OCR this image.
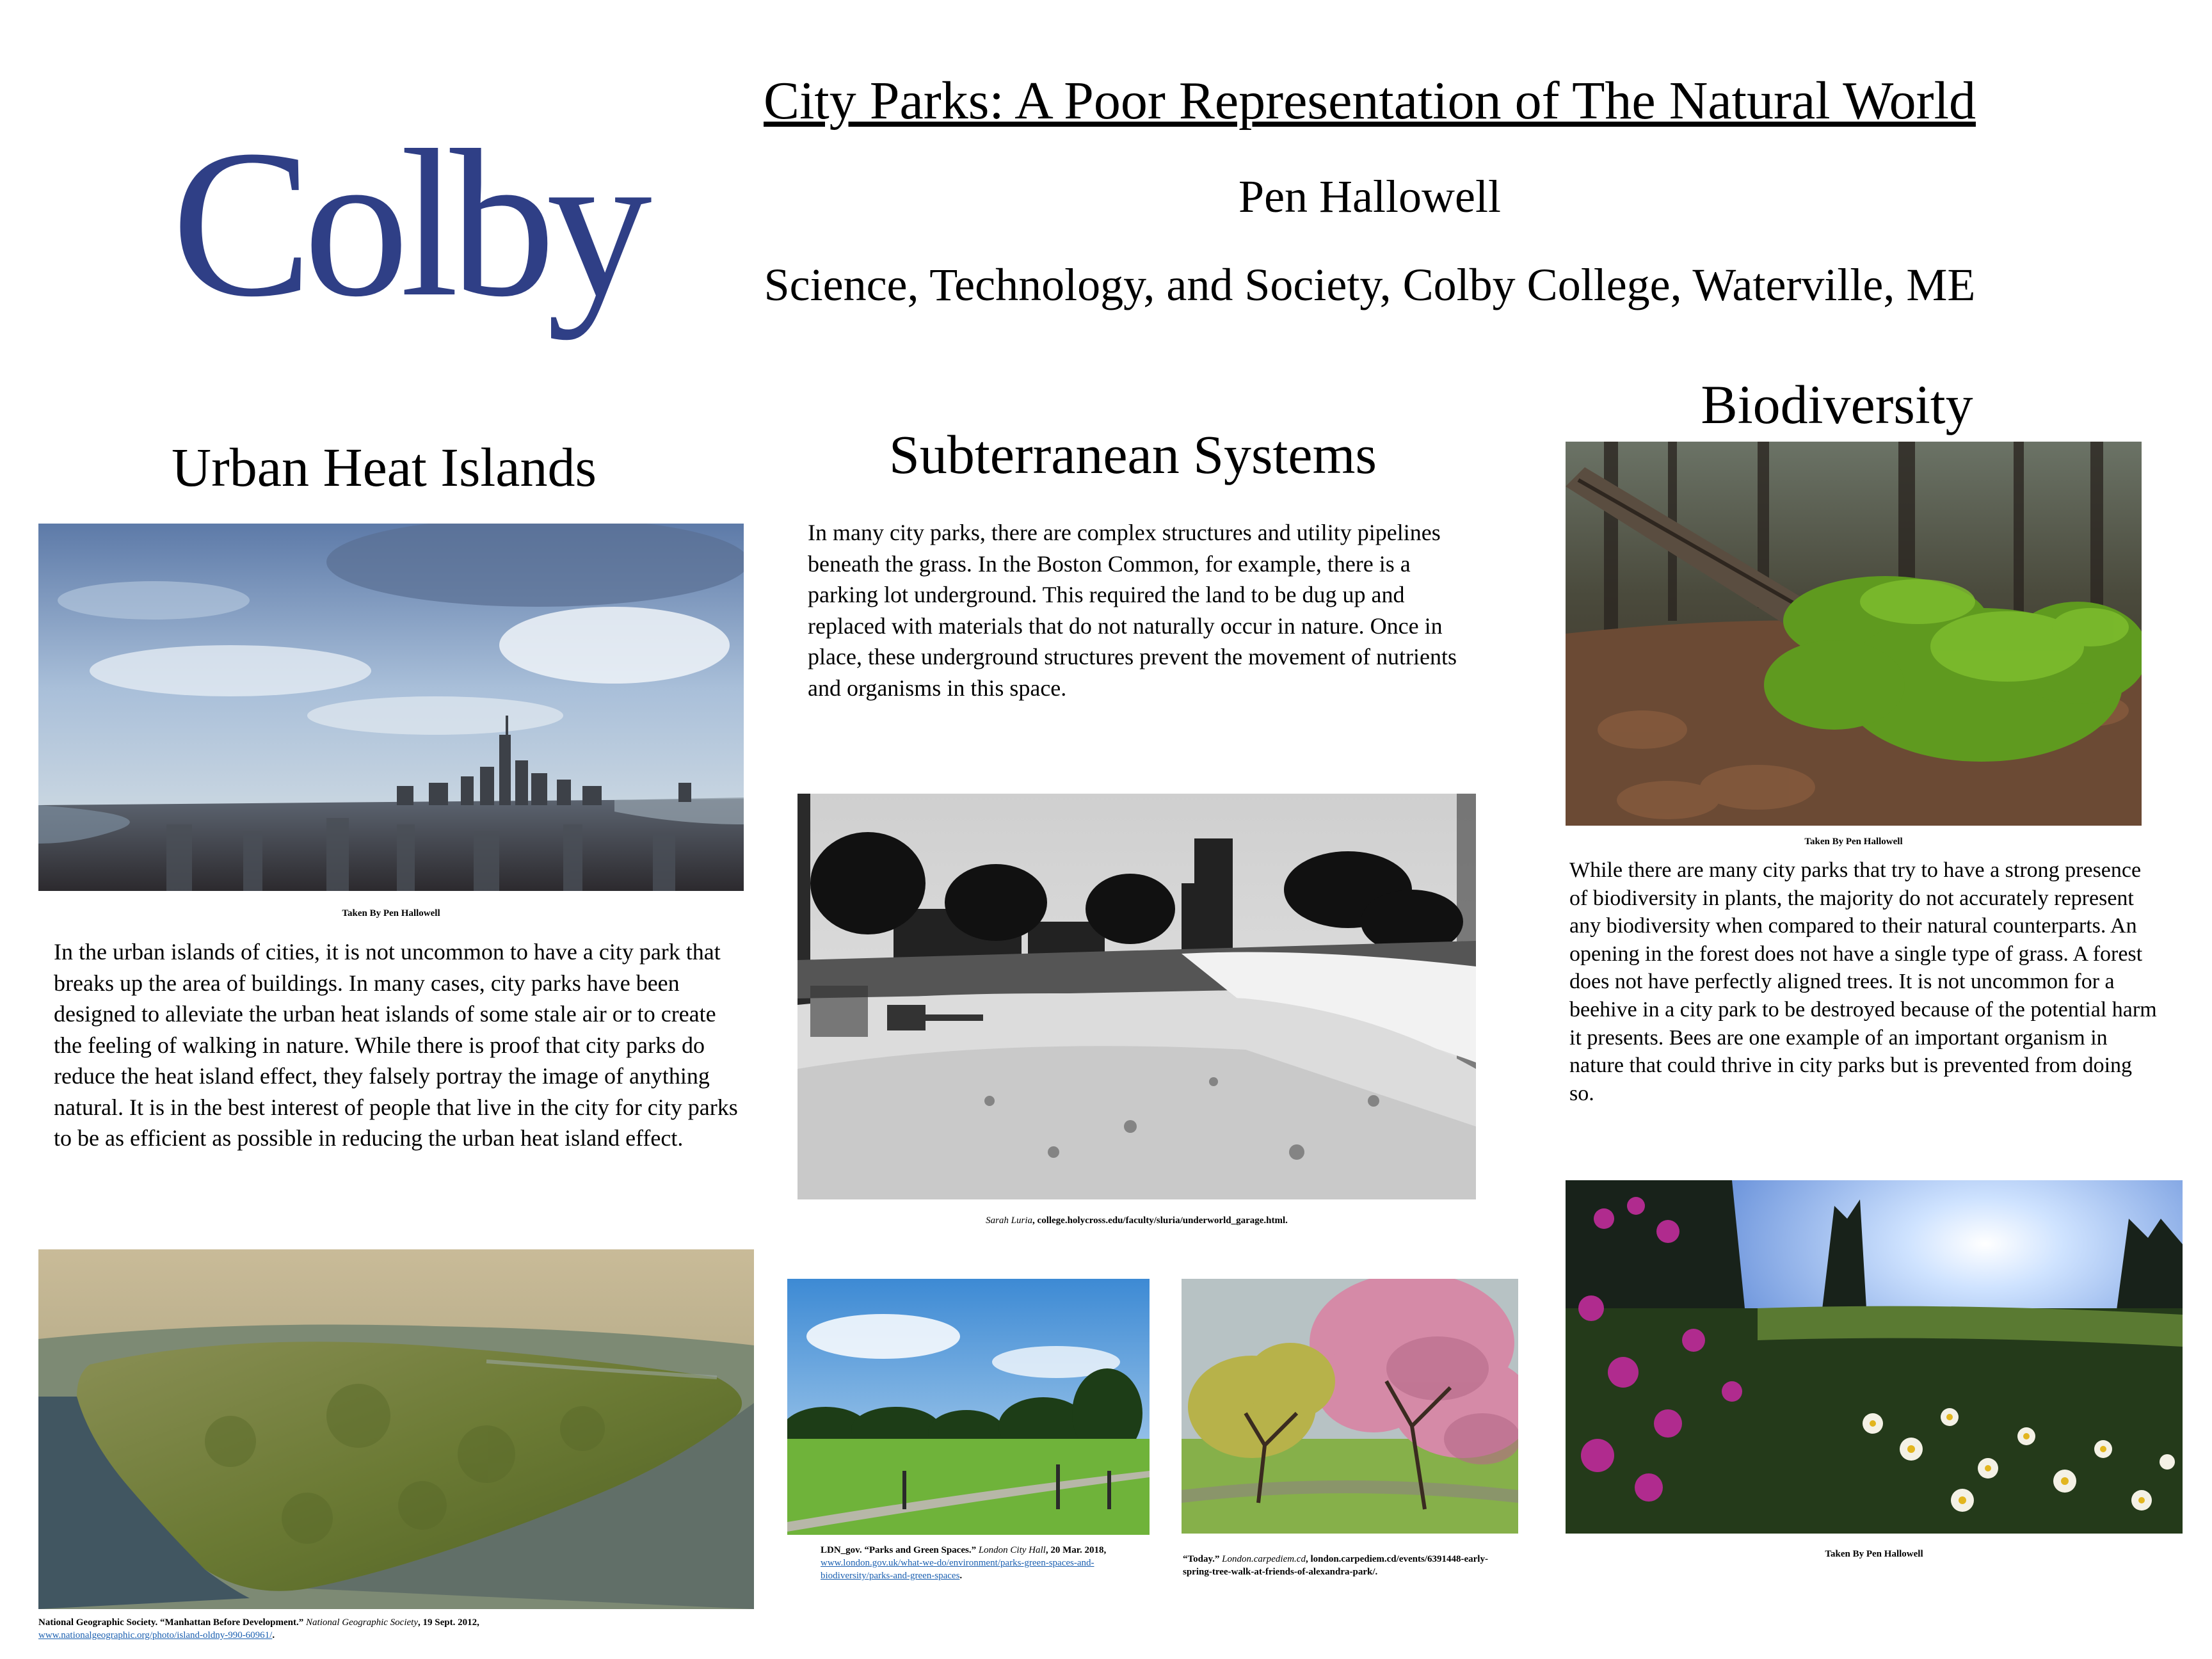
Colby
City Parks: A Poor Representation of The Natural World
Pen Hallowell
Science, Technology, and Society, Colby College, Waterville, ME
Urban Heat Islands
Taken By Pen Hallowell
In the urban islands of cities, it is not uncommon to have a city park that breaks up the area of buildings. In many cases, city parks have been designed to alleviate the urban heat islands of some stale air or to create the feeling of walking in nature. While there is proof that city parks do reduce the heat island effect, they falsely portray the image of anything natural. It is in the best interest of people that live in the city for city parks to be as efficient as possible in reducing the urban heat island effect.
National Geographic Society. “Manhattan Before Development.” National Geographic Society, 19 Sept. 2012,
www.nationalgeographic.org/photo/island-oldny-990-60961/.
Subterranean Systems
In many city parks, there are complex structures and utility pipelines beneath the grass. In the Boston Common, for example, there is a parking lot underground. This required the land to be dug up and replaced with materials that do not naturally occur in nature. Once in place, these underground structures prevent the movement of nutrients and organisms in this space.
Sarah Luria, college.holycross.edu/faculty/sluria/underworld_garage.html.
LDN_gov. “Parks and Green Spaces.” London City Hall, 20 Mar. 2018, www.london.gov.uk/what-we-do/environment/parks-green-spaces-and-biodiversity/parks-and-green-spaces.
“Today.” London.carpediem.cd, london.carpediem.cd/events/6391448-early-spring-tree-walk-at-friends-of-alexandra-park/.
Biodiversity
Taken By Pen Hallowell
While there are many city parks that try to have a strong presence of biodiversity in plants, the majority do not accurately represent any biodiversity when compared to their natural counterparts. An opening in the forest does not have a single type of grass. A forest does not have perfectly aligned trees. It is not uncommon for a beehive in a city park to be destroyed because of the potential harm it presents. Bees are one example of an important organism in nature that could thrive in city parks but is prevented from doing so.
Taken By Pen Hallowell
